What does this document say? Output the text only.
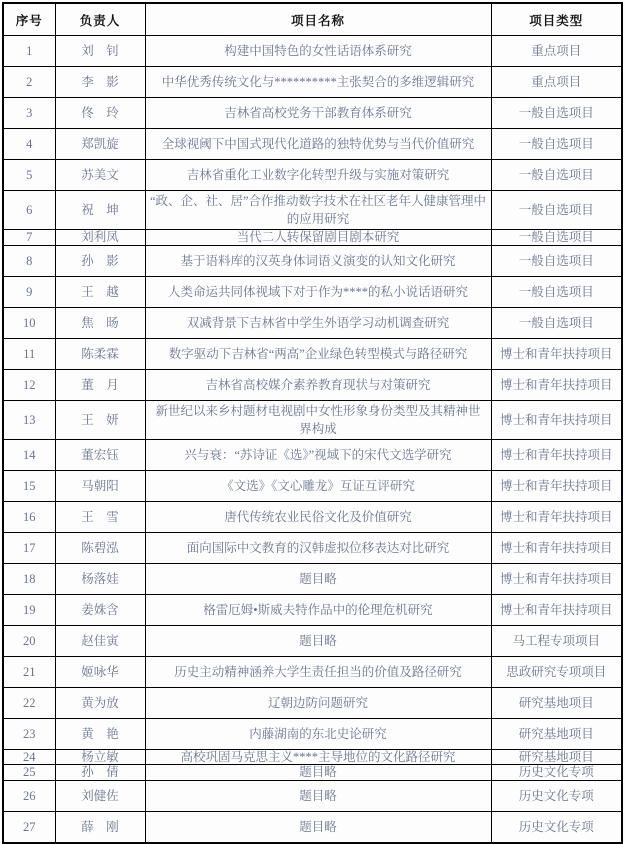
序号	负责人	项目名称	项目类型
1	刘　钊	构建中国特色的女性话语体系研究	重点项目
2	李　影	中华优秀传统文化与**********主张契合的多维逻辑研究	重点项目
3	佟　玲	吉林省高校党务干部教育体系研究	一般自选项目
4	郑凯旋	全球视阈下中国式现代化道路的独特优势与当代价值研究	一般自选项目
5	苏美文	吉林省重化工业数字化转型升级与实施对策研究	一般自选项目
6	祝　坤	“政、企、社、居”合作推动数字技术在社区老年人健康管理中的应用研究	一般自选项目
7	刘利凤	当代二人转保留剧目剧本研究	一般自选项目
8	孙　影	基于语料库的汉英身体词语义演变的认知文化研究	一般自选项目
9	王　越	人类命运共同体视域下对于作为****的私小说话语研究	一般自选项目
10	焦　旸	双减背景下吉林省中学生外语学习动机调查研究	一般自选项目
11	陈柔霖	数字驱动下吉林省“两高”企业绿色转型模式与路径研究	博士和青年扶持项目
12	董　月	吉林省高校媒介素养教育现状与对策研究	博士和青年扶持项目
13	王　妍	新世纪以来乡村题材电视剧中女性形象身份类型及其精神世界构成	博士和青年扶持项目
14	董宏钰	兴与衰：“苏诗证《选》”视域下的宋代文选学研究	博士和青年扶持项目
15	马朝阳	《文选》《文心雕龙》互证互评研究	博士和青年扶持项目
16	王　雪	唐代传统农业民俗文化及价值研究	博士和青年扶持项目
17	陈碧泓	面向国际中文教育的汉韩虚拟位移表达对比研究	博士和青年扶持项目
18	杨落娃	题目略	博士和青年扶持项目
19	姜姝含	格雷厄姆•斯威夫特作品中的伦理危机研究	博士和青年扶持项目
20	赵佳寅	题目略	马工程专项项目
21	姬咏华	历史主动精神涵养大学生责任担当的价值及路径研究	思政研究专项项目
22	黄为放	辽朝边防问题研究	研究基地项目
23	黄　艳	内藤湖南的东北史论研究	研究基地项目
24	杨立敏	高校巩固马克思主义****主导地位的文化路径研究	研究基地项目
25	孙　倩	题目略	历史文化专项
26	刘健佐	题目略	历史文化专项
27	薛　刚	题目略	历史文化专项
